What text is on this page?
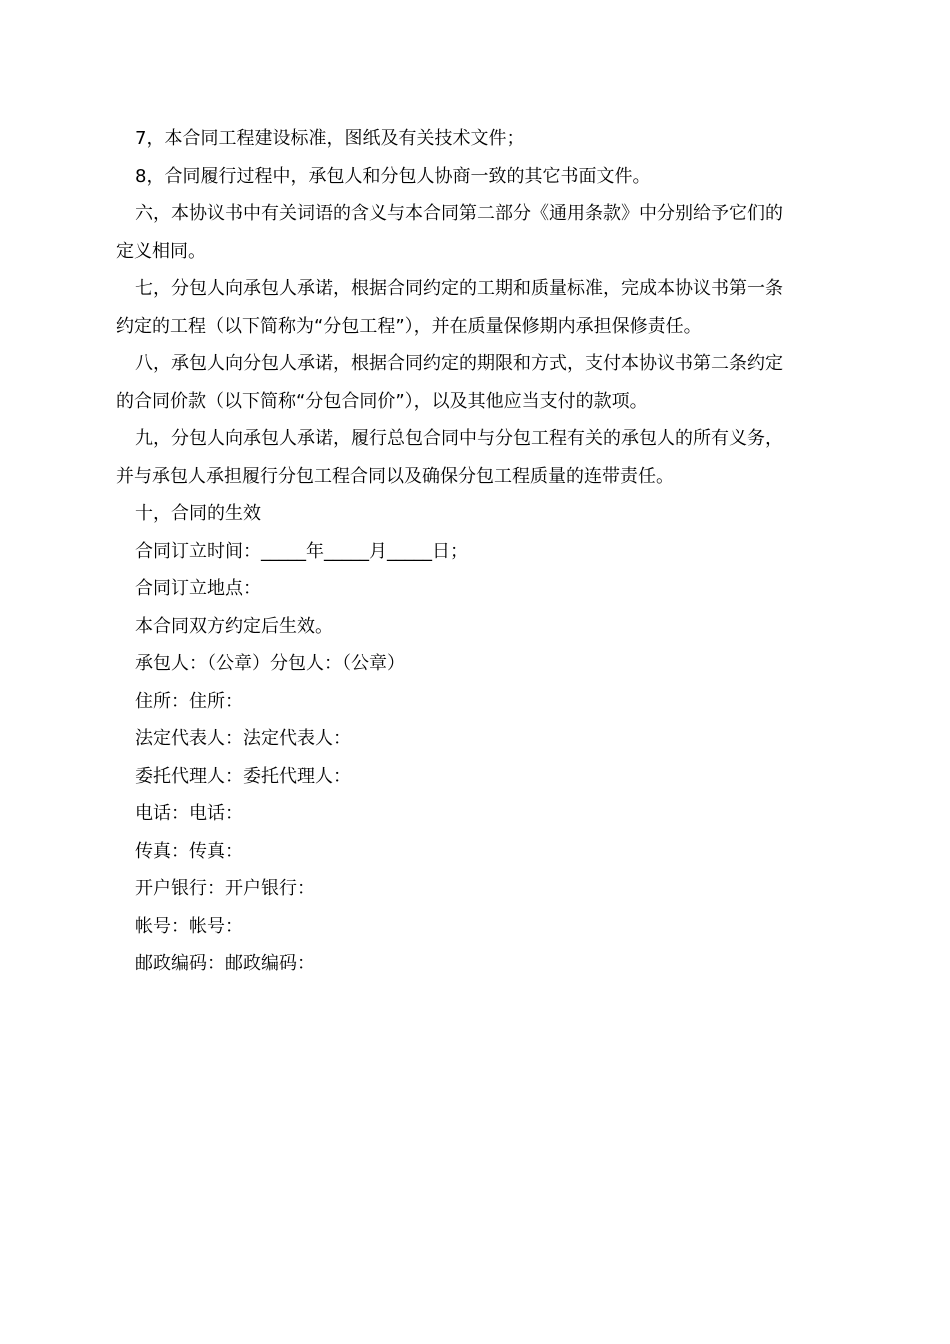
7，本合同工程建设标准，图纸及有关技术文件；
8，合同履行过程中，承包人和分包人协商一致的其它书面文件。
六，本协议书中有关词语的含义与本合同第二部分《通用条款》中分别给予它们的
定义相同。
七，分包人向承包人承诺，根据合同约定的工期和质量标准，完成本协议书第一条
约定的工程（以下简称为“分包工程”），并在质量保修期内承担保修责任。
八，承包人向分包人承诺，根据合同约定的期限和方式，支付本协议书第二条约定
的合同价款（以下简称“分包合同价”），以及其他应当支付的款项。
九，分包人向承包人承诺，履行总包合同中与分包工程有关的承包人的所有义务，
并与承包人承担履行分包工程合同以及确保分包工程质量的连带责任。
十，合同的生效
合同订立时间：_____年_____月_____日；
合同订立地点：
本合同双方约定后生效。
承包人：（公章）分包人：（公章）
住所：住所：
法定代表人：法定代表人：
委托代理人：委托代理人：
电话：电话：
传真：传真：
开户银行：开户银行：
帐号：帐号：
邮政编码：邮政编码：
